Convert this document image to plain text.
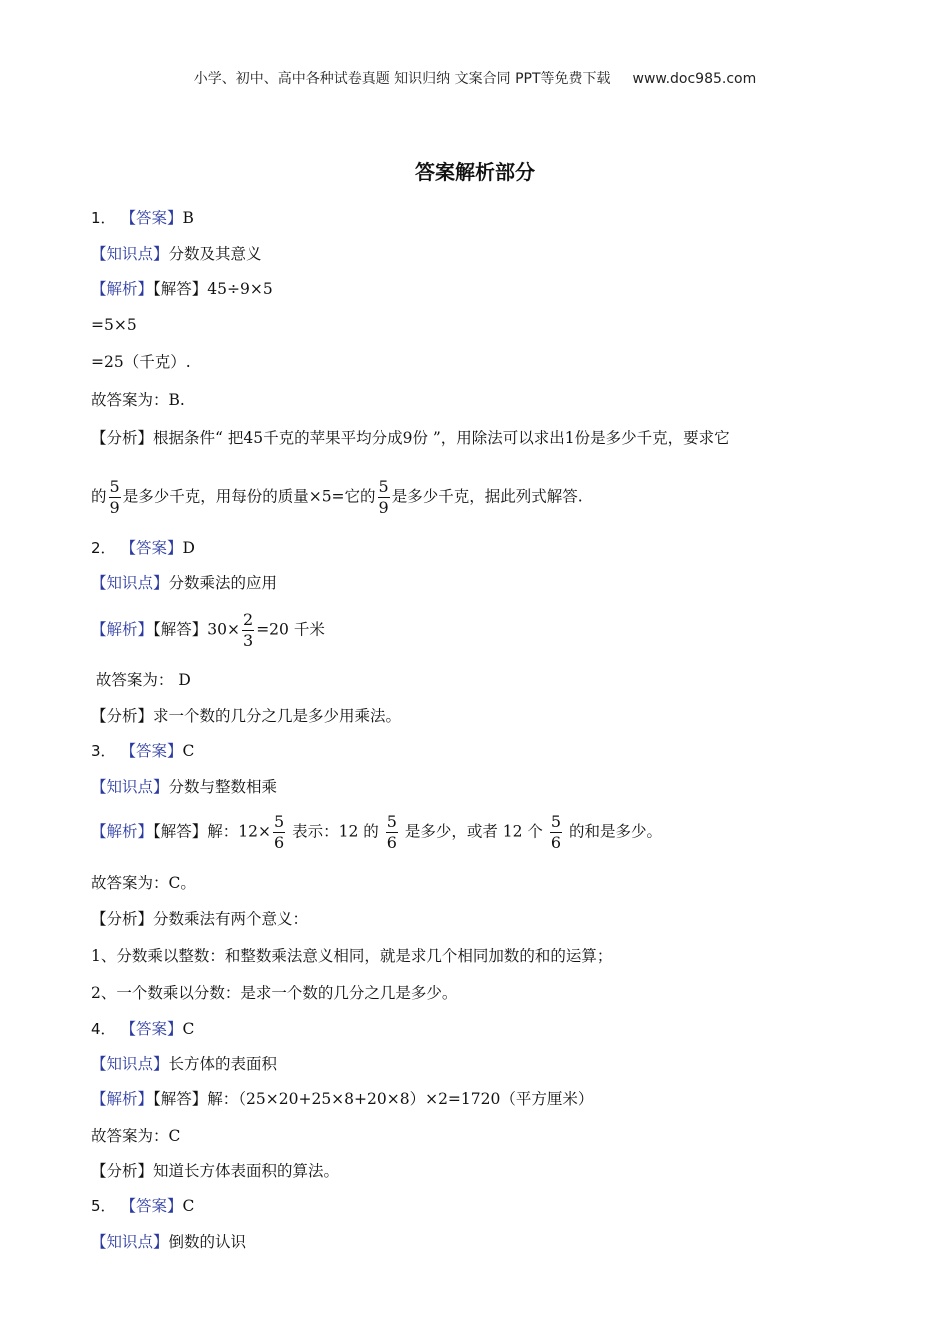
小学、初中、高中各种试卷真题 知识归纳 文案合同 PPT等免费下载 www.doc985.com
答案解析部分
1． 【答案】B
【知识点】分数及其意义
【解析】【解答】45÷9×5
=5×5
=25（千克）.
故答案为：B.
【分析】根据条件“ 把45千克的苹果平均分成9份 ”，用除法可以求出1份是多少千克，要求它
的 $\frac{5}{9}$ 是多少千克，用每份的质量×5=它的 $\frac{5}{9}$ 是多少千克，据此列式解答.
2． 【答案】D
【知识点】分数乘法的应用
【解析】【解答】$30\times \frac{2}{3} =20$ 千米
故答案为： D
【分析】求一个数的几分之几是多少用乘法。
3． 【答案】C
【知识点】分数与整数相乘
【解析】【解答】解：$12\times \frac{5}{6}$ 表示：12 的 $\frac{5}{6}$ 是多少，或者 12 个 $\frac{5}{6}$ 的和是多少。
故答案为：C。
【分析】分数乘法有两个意义：
1、分数乘以整数：和整数乘法意义相同，就是求几个相同加数的和的运算；
2、一个数乘以分数：是求一个数的几分之几是多少。
4． 【答案】C
【知识点】长方体的表面积
【解析】【解答】解：（25×20+25×8+20×8）×2=1720（平方厘米）
故答案为：C
【分析】知道长方体表面积的算法。
5． 【答案】C
【知识点】倒数的认识
